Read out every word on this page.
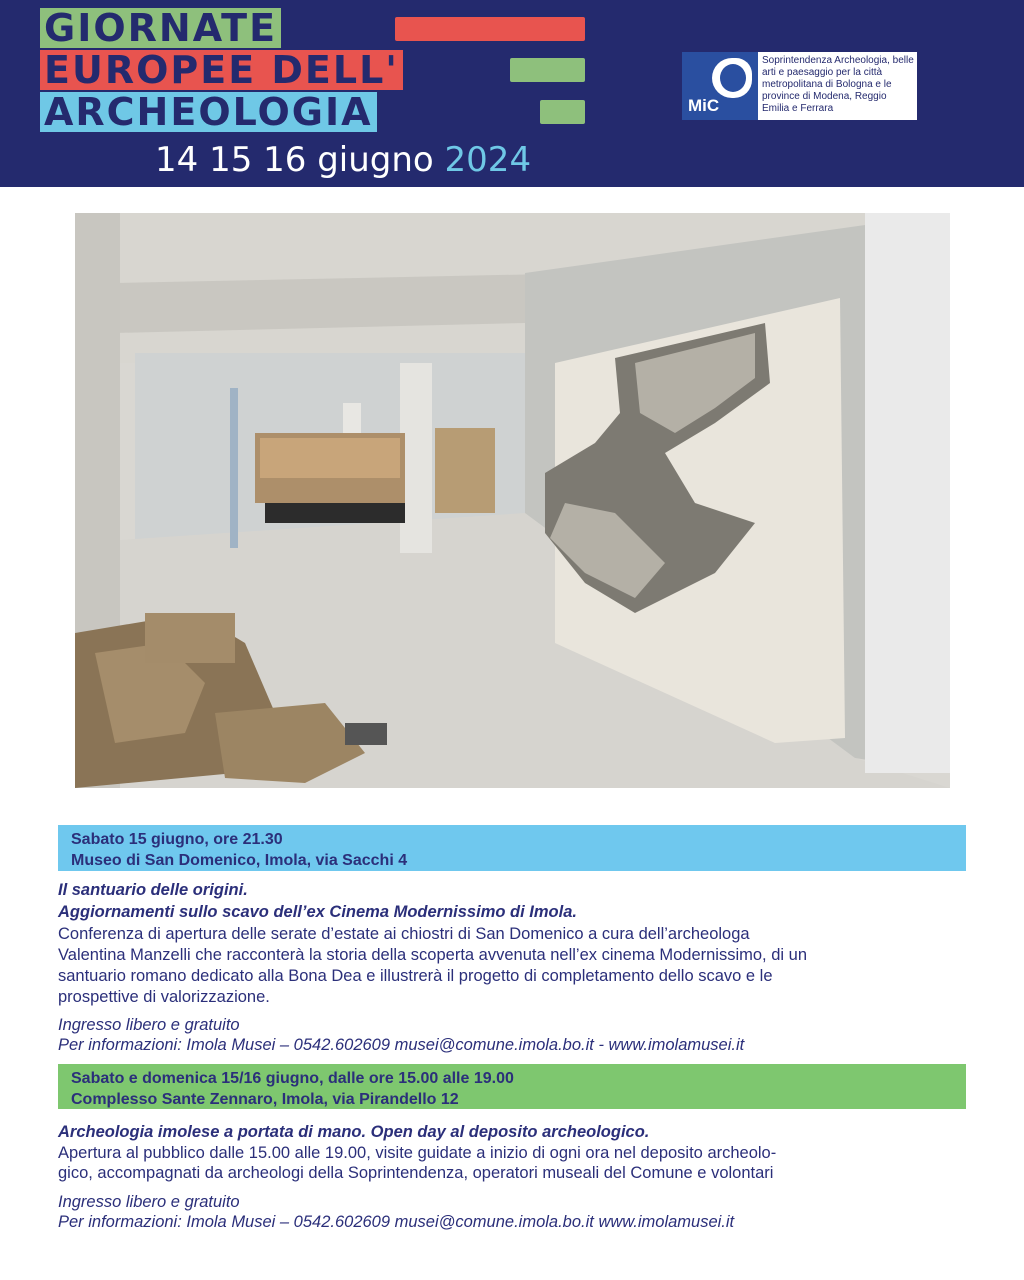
GIORNATE
EUROPEE DELL'
ARCHEOLOGIA
14 15 16 giugno 2024
MiC
Soprintendenza Archeologia, belle arti e paesaggio per la città metropolitana di Bologna e le province di Modena, Reggio Emilia e Ferrara
Sabato 15 giugno, ore 21.30
Museo di San Domenico, Imola, via Sacchi 4
Il santuario delle origini.
Aggiornamenti sullo scavo dell’ex Cinema Modernissimo di Imola.
Conferenza di apertura delle serate d’estate ai chiostri di San Domenico a cura dell’archeologa
Valentina Manzelli che racconterà la storia della scoperta avvenuta nell’ex cinema Modernissimo, di un
santuario romano dedicato alla Bona Dea e illustrerà il progetto di completamento dello scavo e le
prospettive di valorizzazione.
Ingresso libero e gratuito
Per informazioni: Imola Musei – 0542.602609 musei@comune.imola.bo.it - www.imolamusei.it
Sabato e domenica 15/16 giugno, dalle ore 15.00 alle 19.00
Complesso Sante Zennaro, Imola, via Pirandello 12
Archeologia imolese a portata di mano. Open day al deposito archeologico.
Apertura al pubblico dalle 15.00 alle 19.00, visite guidate a inizio di ogni ora nel deposito archeolo-
gico, accompagnati da archeologi della Soprintendenza, operatori museali del Comune e volontari
Ingresso libero e gratuito
Per informazioni: Imola Musei – 0542.602609 musei@comune.imola.bo.it www.imolamusei.it
